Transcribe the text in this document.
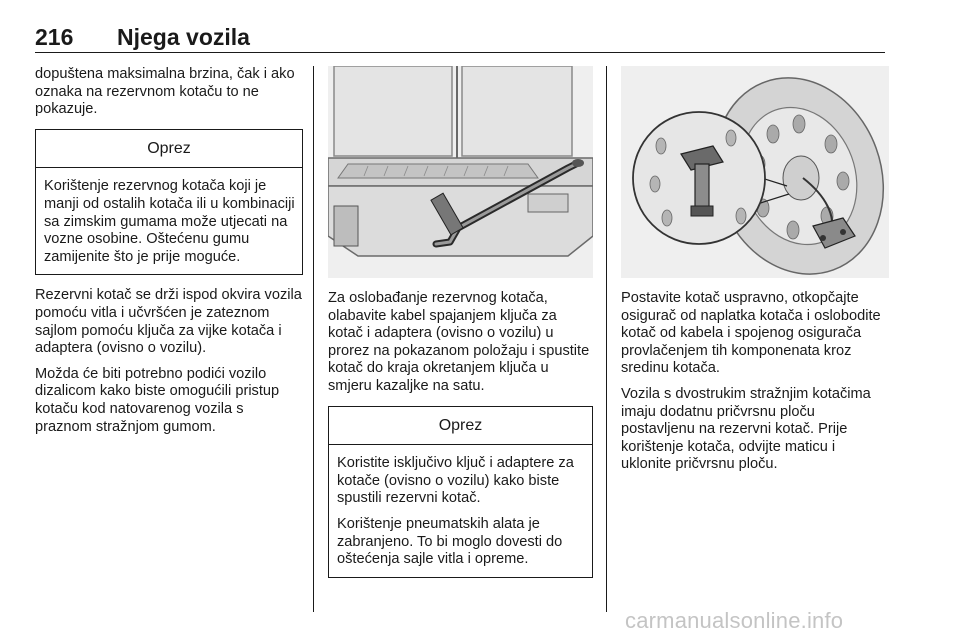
216 Njega vozila

dopuštena maksimalna brzina, čak i ako oznaka na rezervnom kotaču to ne pokazuje.

Oprez

Korištenje rezervnog kotača koji je manji od ostalih kotača ili u kombinaciji sa zimskim gumama može utjecati na vozne osobine. Oštećenu gumu zamijenite što je prije moguće.

Rezervni kotač se drži ispod okvira vozila pomoću vitla i učvršćen je zateznom sajlom pomoću ključa za vijke kotača i adaptera (ovisno o vozilu).

Možda će biti potrebno podići vozilo dizalicom kako biste omogućili pristup kotaču kod natovarenog vozila s praznom stražnjom gumom.

Za oslobađanje rezervnog kotača, olabavite kabel spajanjem ključa za kotač i adaptera (ovisno o vozilu) u prorez na pokazanom položaju i spustite kotač do kraja okretanjem ključa u smjeru kazaljke na satu.

Oprez

Koristite isključivo ključ i adaptere za kotače (ovisno o vozilu) kako biste spustili rezervni kotač.

Korištenje pneumatskih alata je zabranjeno. To bi moglo dovesti do oštećenja sajle vitla i opreme.

Postavite kotač uspravno, otkopčajte osigurač od naplatka kotača i oslobodite kotač od kabela i spojenog osigurača provlačenjem tih komponenata kroz sredinu kotača.

Vozila s dvostrukim stražnjim kotačima imaju dodatnu pričvrsnu ploču postavljenu na rezervni kotač. Prije korištenje kotača, odvijte maticu i uklonite pričvrsnu ploču.

carmanualsonline.info
